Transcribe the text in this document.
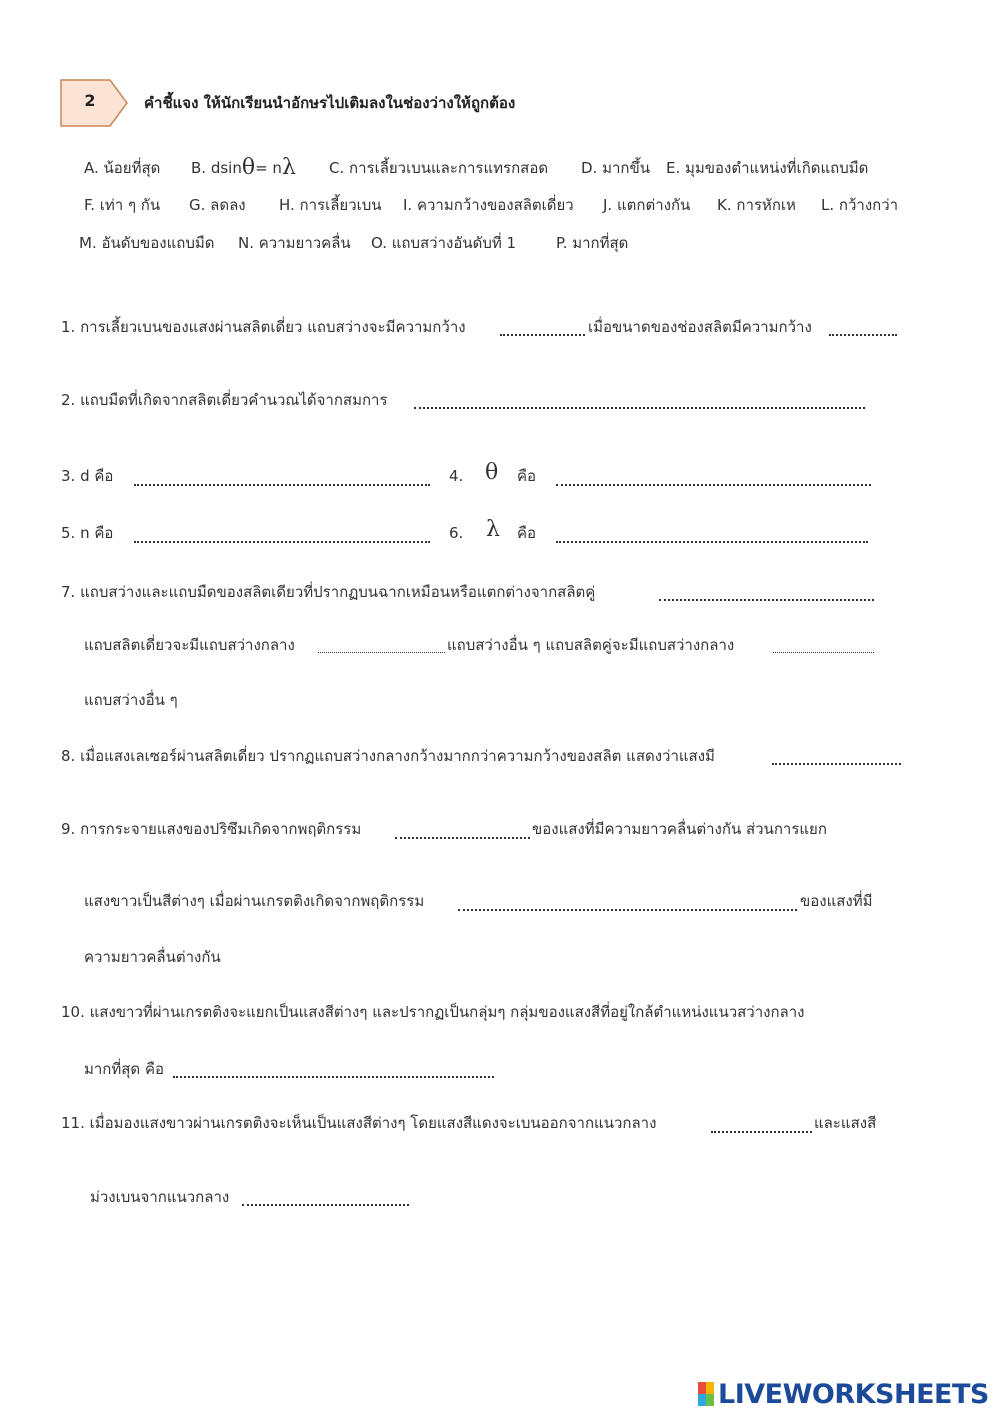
2	คำชี้แจง ให้นักเรียนนำอักษรไปเติมลงในช่องว่างให้ถูกต้อง
A. น้อยที่สุด B. dsin θ = n λ C. การเลี้ยวเบนและการแทรกสอด D. มากขึ้น E. มุมของตำแหน่งที่เกิดแถบมืด
F. เท่า ๆ กัน G. ลดลง H. การเลี้ยวเบน I. ความกว้างของสลิตเดี่ยว J. แตกต่างกัน K. การหักเห L. กว้างกว่า
M. อันดับของแถบมืด N. ความยาวคลื่น O. แถบสว่างอันดับที่ 1	P. มากที่สุด
1. การเลี้ยวเบนของแสงผ่านสลิตเดี่ยว แถบสว่างจะมีความกว้าง	เมื่อขนาดของช่องสลิตมีความกว้าง
2. แถบมืดที่เกิดจากสลิตเดี่ยวคำนวณได้จากสมการ
3. d คือ	4. θ คือ
5. n คือ	6. λ คือ
7. แถบสว่างและแถบมืดของสลิตเดียวที่ปรากฏบนฉากเหมือนหรือแตกต่างจากสลิตคู่
แถบสลิตเดี่ยวจะมีแถบสว่างกลาง	แถบสว่างอื่น ๆ แถบสลิตคู่จะมีแถบสว่างกลาง
แถบสว่างอื่น ๆ
8. เมื่อแสงเลเซอร์ผ่านสลิตเดี่ยว ปรากฏแถบสว่างกลางกว้างมากกว่าความกว้างของสลิต แสดงว่าแสงมี
9. การกระจายแสงของปริซึมเกิดจากพฤติกรรม	ของแสงที่มีความยาวคลื่นต่างกัน ส่วนการแยก
แสงขาวเป็นสีต่างๆ เมื่อผ่านเกรตติงเกิดจากพฤติกรรม	ของแสงที่มี
ความยาวคลื่นต่างกัน
10. แสงขาวที่ผ่านเกรตติงจะแยกเป็นแสงสีต่างๆ และปรากฏเป็นกลุ่มๆ กลุ่มของแสงสีที่อยู่ใกล้ตำแหน่งแนวสว่างกลาง
มากที่สุด คือ
11. เมื่อมองแสงขาวผ่านเกรตติงจะเห็นเป็นแสงสีต่างๆ โดยแสงสีแดงจะเบนออกจากแนวกลาง	และแสงสี
ม่วงเบนจากแนวกลาง
LIVEWORKSHEETS
